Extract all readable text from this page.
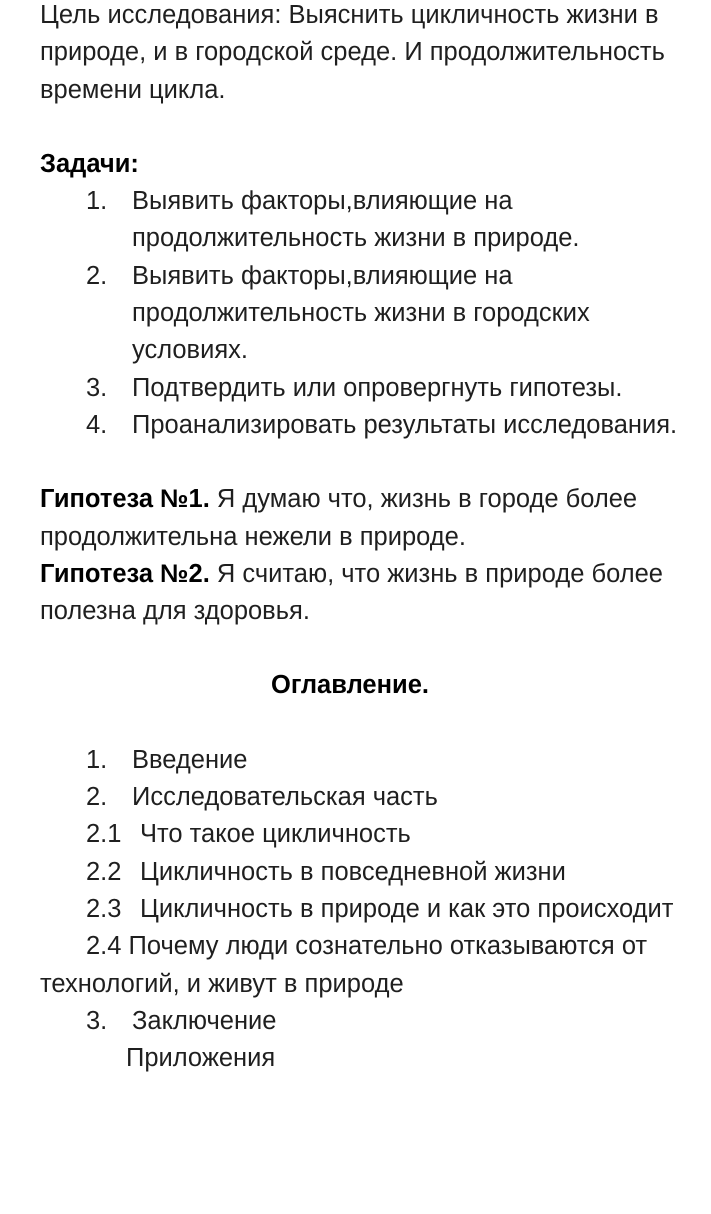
Цель исследования: Выяснить цикличность жизни в природе, и в городской среде. И продолжительность времени цикла.

Задачи:

1. Выявить факторы,влияющие на продолжительность жизни в природе.
2. Выявить факторы,влияющие на продолжительность жизни в городских условиях.
3. Подтвердить или опровергнуть гипотезы.
4. Проанализировать результаты исследования.

Гипотеза №1. Я думаю что, жизнь в городе более продолжительна нежели в природе.

Гипотеза №2. Я считаю, что жизнь в природе более полезна для здоровья.

Оглавление.

1. Введение
2. Исследовательская часть

2.1 Что такое цикличность

2.2 Цикличность в повседневной жизни

2.3 Цикличность в природе и как это происходит

2.4 Почему люди сознательно отказываются от технологий, и живут в природе

3. Заключение

Приложения
